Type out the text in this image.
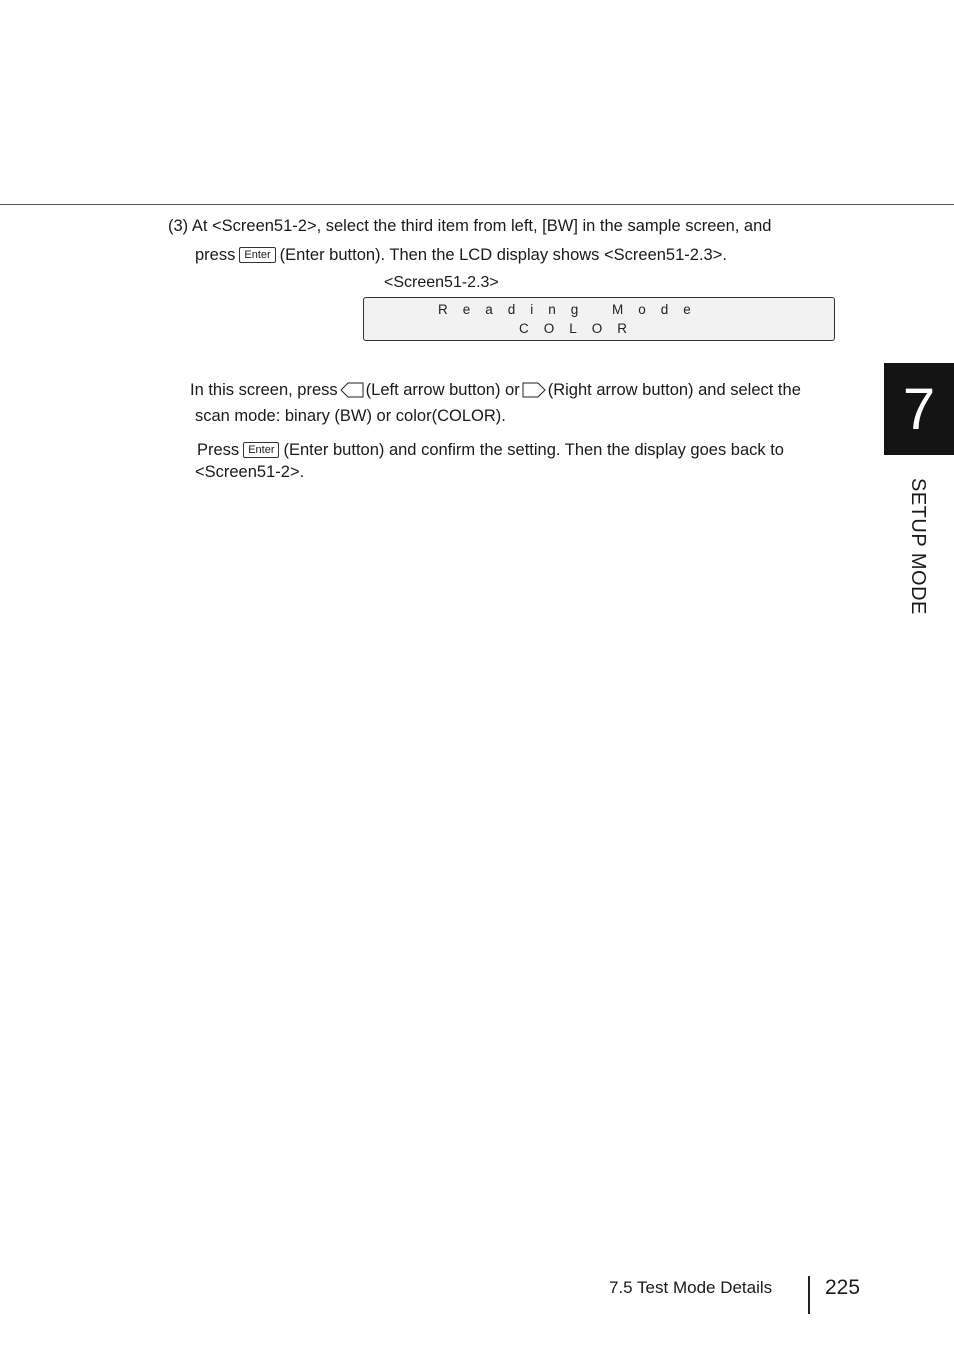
(3) At <Screen51-2>, select the third item from left, [BW] in the sample screen, and
press Enter (Enter button). Then the LCD display shows <Screen51-2.3>.
<Screen51-2.3>
Reading Mode
COLOR
In this screen, press (Left arrow button) or (Right arrow button) and select the
scan mode: binary (BW) or color(COLOR).
Press Enter (Enter button) and confirm the setting. Then the display goes back to
<Screen51-2>.
7
SETUP MODE
7.5 Test Mode Details	225
